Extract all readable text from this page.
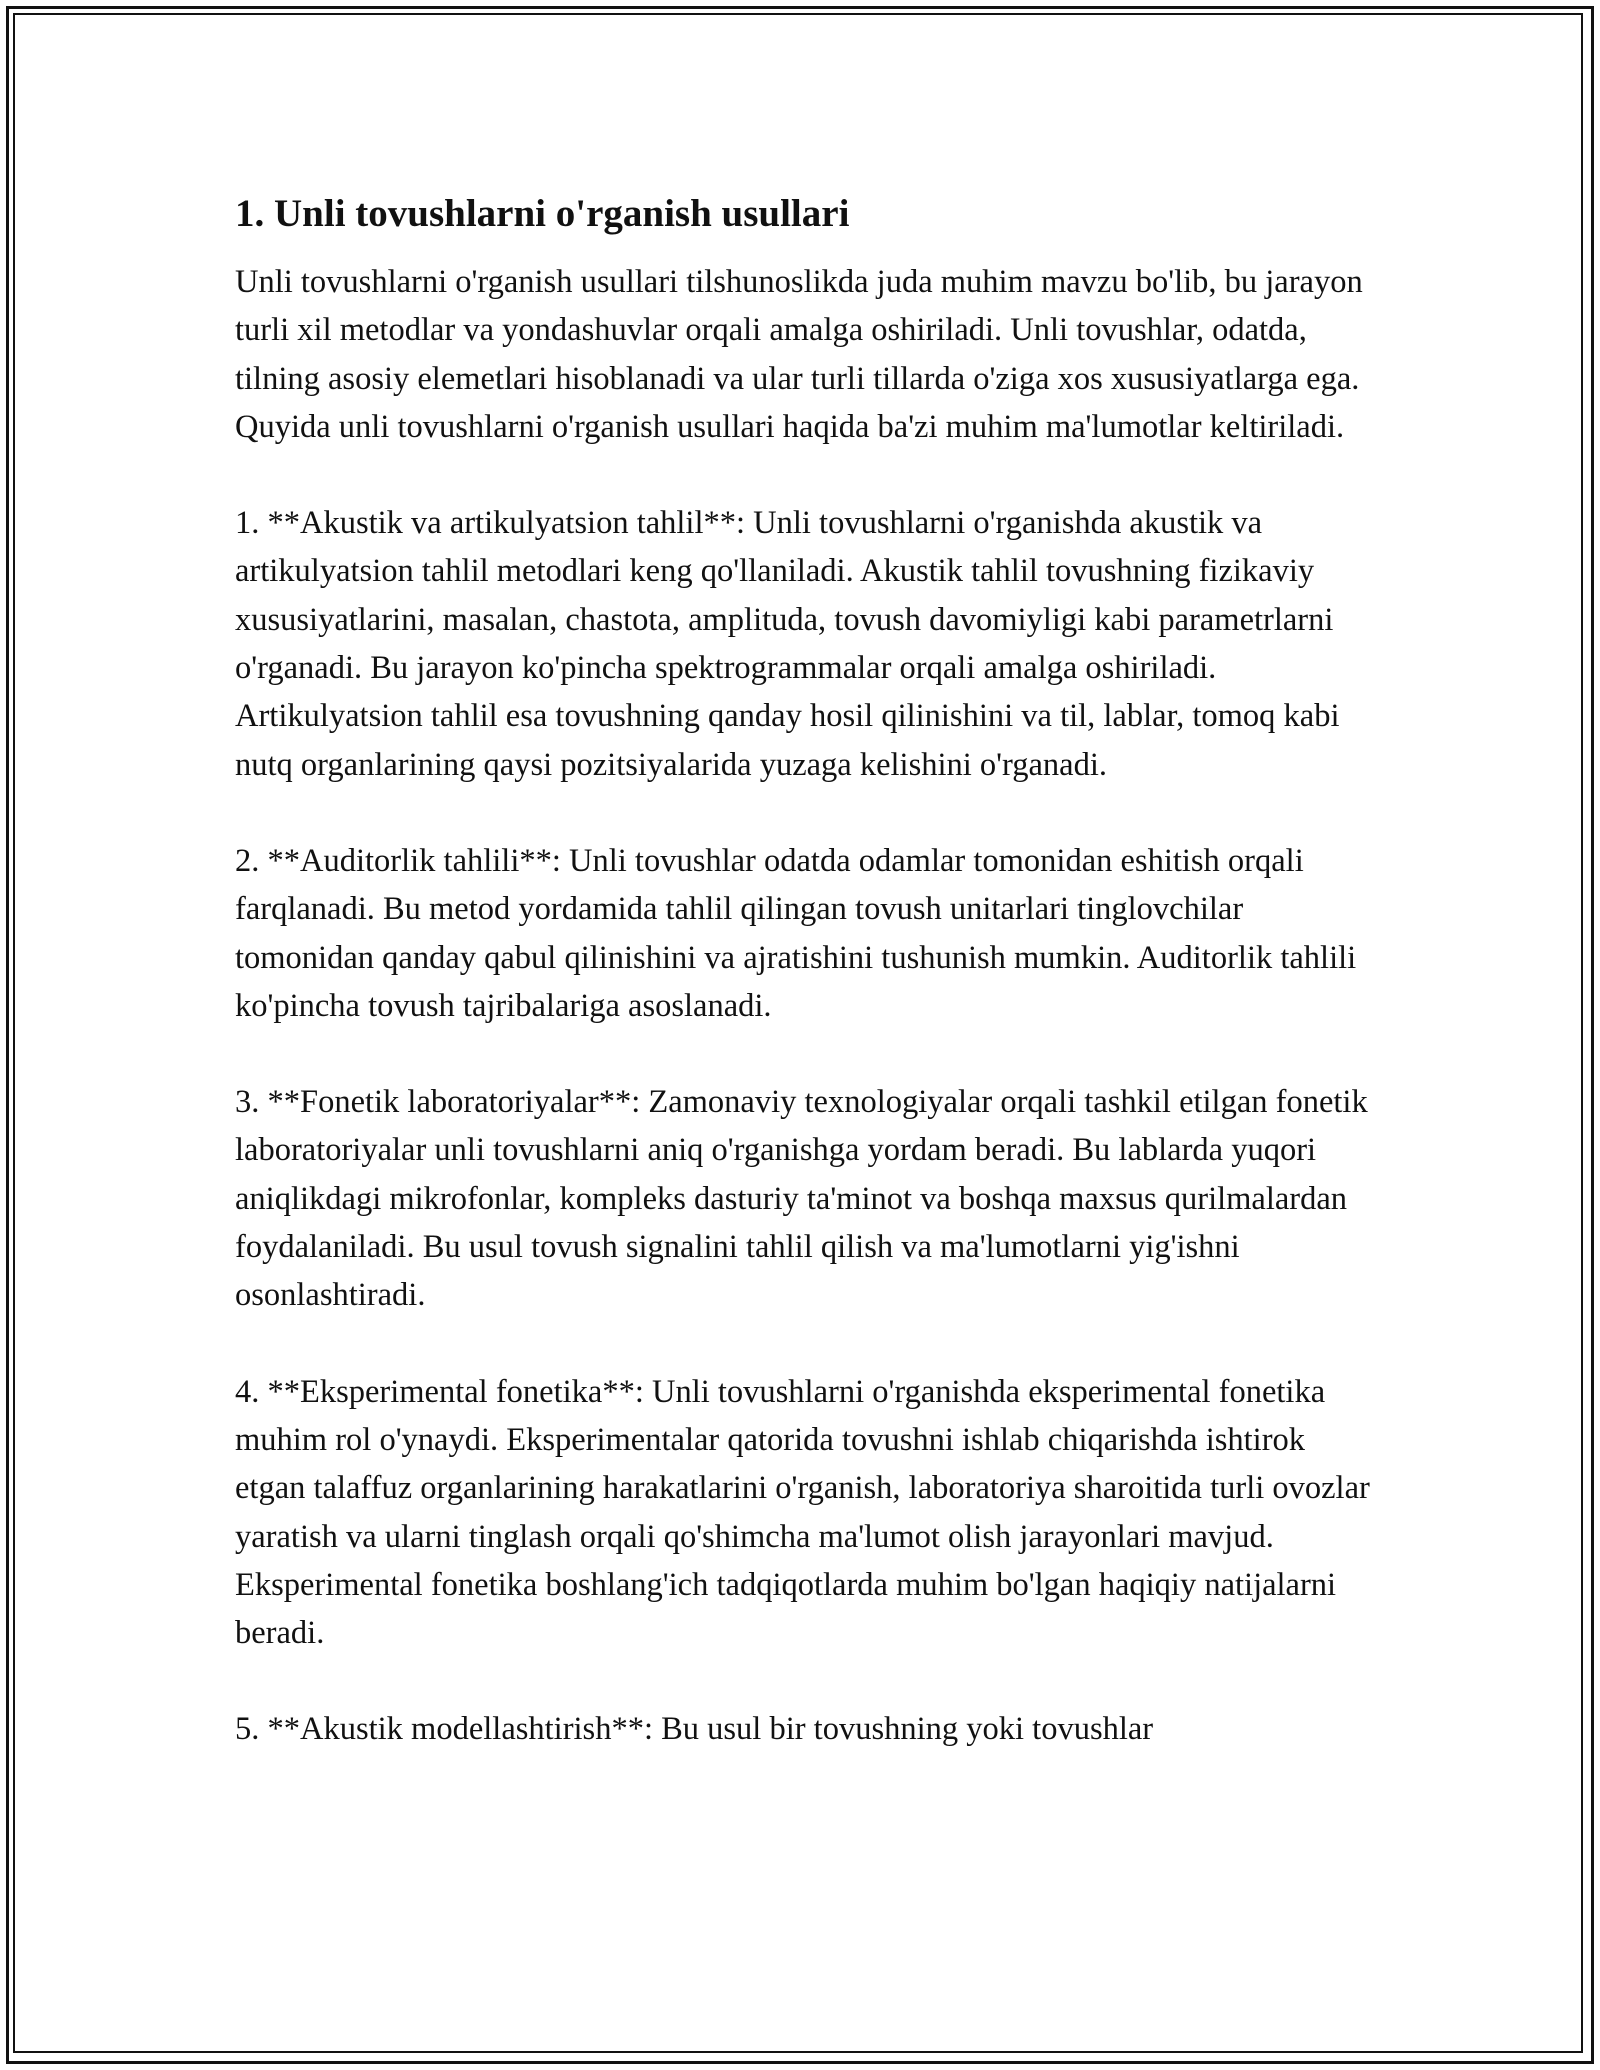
1. Unli tovushlarni o'rganish usullari

Unli tovushlarni o'rganish usullari tilshunoslikda juda muhim mavzu bo'lib, bu jarayon turli xil metodlar va yondashuvlar orqali amalga oshiriladi. Unli tovushlar, odatda, tilning asosiy elemetlari hisoblanadi va ular turli tillarda o'ziga xos xususiyatlarga ega. Quyida unli tovushlarni o'rganish usullari haqida ba'zi muhim ma'lumotlar keltiriladi.

1. **Akustik va artikulyatsion tahlil**: Unli tovushlarni o'rganishda akustik va artikulyatsion tahlil metodlari keng qo'llaniladi. Akustik tahlil tovushning fizikaviy xususiyatlarini, masalan, chastota, amplituda, tovush davomiyligi kabi parametrlarni o'rganadi. Bu jarayon ko'pincha spektrogrammalar orqali amalga oshiriladi. Artikulyatsion tahlil esa tovushning qanday hosil qilinishini va til, lablar, tomoq kabi nutq organlarining qaysi pozitsiyalarida yuzaga kelishini o'rganadi.

2. **Auditorlik tahlili**: Unli tovushlar odatda odamlar tomonidan eshitish orqali farqlanadi. Bu metod yordamida tahlil qilingan tovush unitarlari tinglovchilar tomonidan qanday qabul qilinishini va ajratishini tushunish mumkin. Auditorlik tahlili ko'pincha tovush tajribalariga asoslanadi.

3. **Fonetik laboratoriyalar**: Zamonaviy texnologiyalar orqali tashkil etilgan fonetik laboratoriyalar unli tovushlarni aniq o'rganishga yordam beradi. Bu lablarda yuqori aniqlikdagi mikrofonlar, kompleks dasturiy ta'minot va boshqa maxsus qurilmalardan foydalaniladi. Bu usul tovush signalini tahlil qilish va ma'lumotlarni yig'ishni osonlashtiradi.

4. **Eksperimental fonetika**: Unli tovushlarni o'rganishda eksperimental fonetika muhim rol o'ynaydi. Eksperimentalar qatorida tovushni ishlab chiqarishda ishtirok etgan talaffuz organlarining harakatlarini o'rganish, laboratoriya sharoitida turli ovozlar yaratish va ularni tinglash orqali qo'shimcha ma'lumot olish jarayonlari mavjud. Eksperimental fonetika boshlang'ich tadqiqotlarda muhim bo'lgan haqiqiy natijalarni beradi.

5. **Akustik modellashtirish**: Bu usul bir tovushning yoki tovushlar
